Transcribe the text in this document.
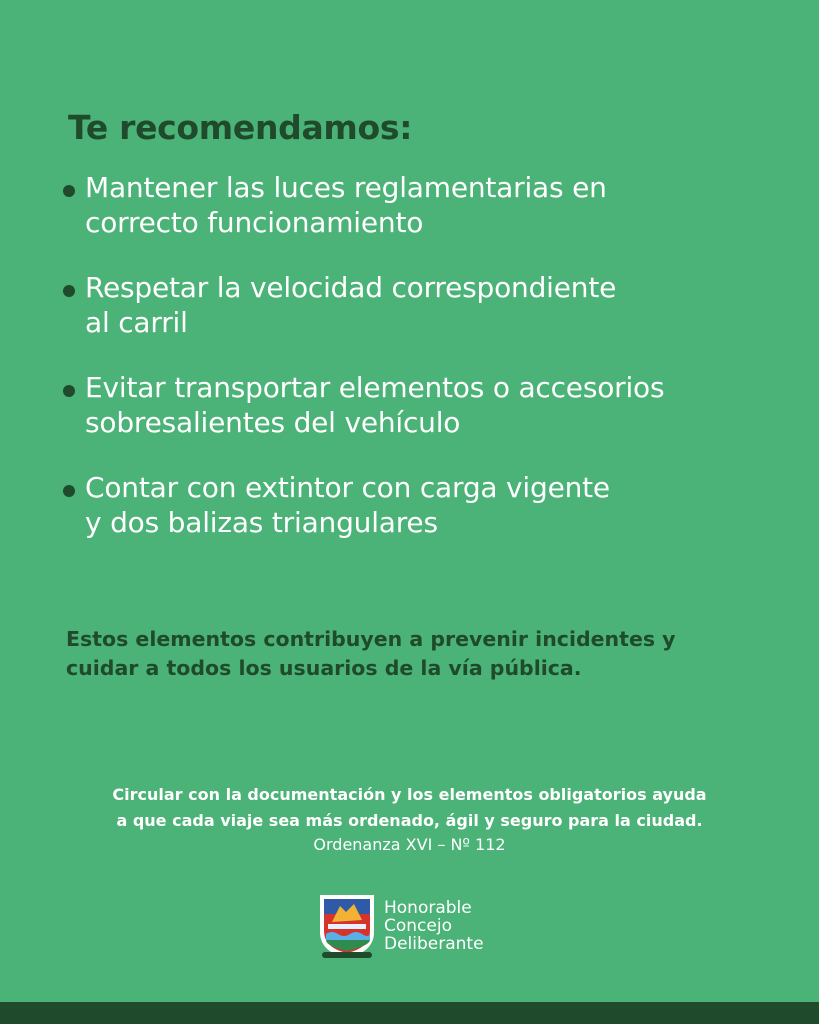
Te recomendamos:
Mantener las luces reglamentarias en
correcto funcionamiento
Respetar la velocidad correspondiente
al carril
Evitar transportar elementos o accesorios
sobresalientes del vehículo
Contar con extintor con carga vigente
y dos balizas triangulares

Estos elementos contribuyen a prevenir incidentes y
cuidar a todos los usuarios de la vía pública.

Circular con la documentación y los elementos obligatorios ayuda
a que cada viaje sea más ordenado, ágil y seguro para la ciudad.

Ordenanza XVI – Nº 112
Honorable
Concejo
Deliberante
